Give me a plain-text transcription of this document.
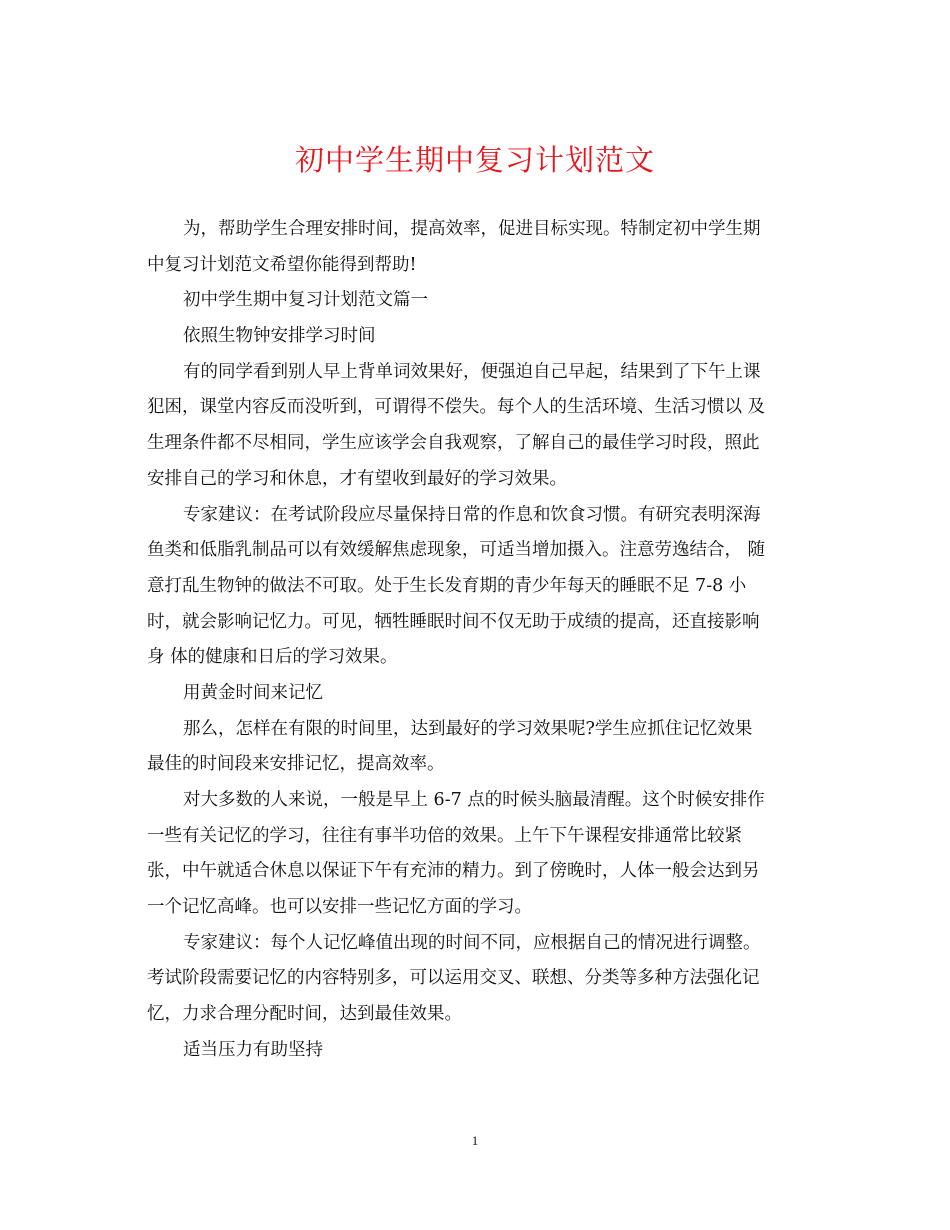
初中学生期中复习计划范文
为，帮助学生合理安排时间，提高效率，促进目标实现。特制定初中学生期
中复习计划范文希望你能得到帮助!
初中学生期中复习计划范文篇一
依照生物钟安排学习时间
有的同学看到别人早上背单词效果好，便强迫自己早起，结果到了下午上课
犯困，课堂内容反而没听到，可谓得不偿失。每个人的生活环境、生活习惯以 及
生理条件都不尽相同，学生应该学会自我观察，了解自己的最佳学习时段，照此
安排自己的学习和休息，才有望收到最好的学习效果。
专家建议：在考试阶段应尽量保持日常的作息和饮食习惯。有研究表明深海
鱼类和低脂乳制品可以有效缓解焦虑现象，可适当增加摄入。注意劳逸结合， 随
意打乱生物钟的做法不可取。处于生长发育期的青少年每天的睡眠不足 7-8 小
时，就会影响记忆力。可见，牺牲睡眠时间不仅无助于成绩的提高，还直接影响
身 体的健康和日后的学习效果。
用黄金时间来记忆
那么，怎样在有限的时间里，达到最好的学习效果呢?学生应抓住记忆效果
最佳的时间段来安排记忆，提高效率。
对大多数的人来说，一般是早上 6-7 点的时候头脑最清醒。这个时候安排作
一些有关记忆的学习，往往有事半功倍的效果。上午下午课程安排通常比较紧
张，中午就适合休息以保证下午有充沛的精力。到了傍晚时，人体一般会达到另
一个记忆高峰。也可以安排一些记忆方面的学习。
专家建议：每个人记忆峰值出现的时间不同，应根据自己的情况进行调整。
考试阶段需要记忆的内容特别多，可以运用交叉、联想、分类等多种方法强化记
忆，力求合理分配时间，达到最佳效果。
适当压力有助坚持
1
